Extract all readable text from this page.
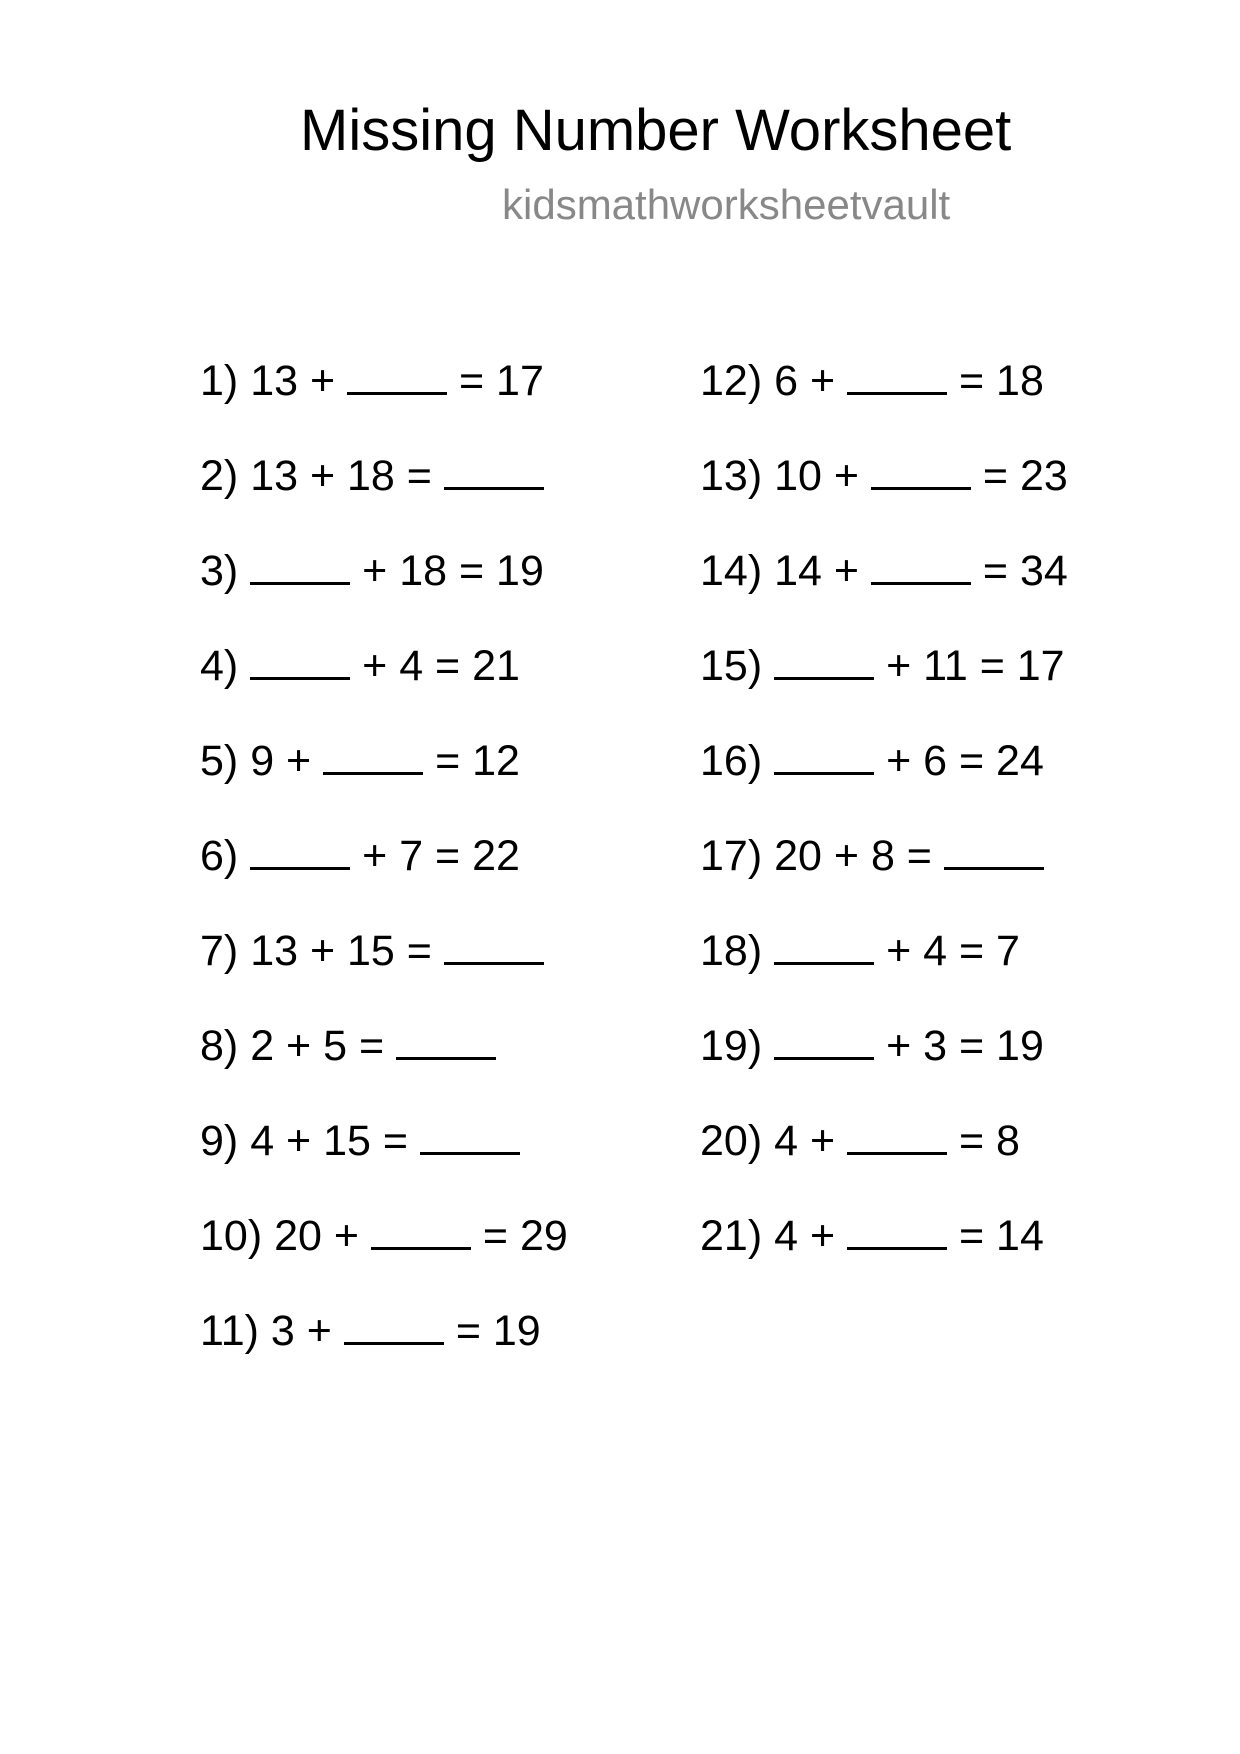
Missing Number Worksheet
kidsmathworksheetvault
1) 13 +	= 17
2) 13 + 18 =
3)	+ 18 = 19
4)	+ 4 = 21
5) 9 +	= 12
6)	+ 7 = 22
7) 13 + 15 =
8) 2 + 5 =
9) 4 + 15 =
10) 20 +	= 29
11) 3 +	= 19
12) 6 +	= 18
13) 10 +	= 23
14) 14 +	= 34
15)	+ 11 = 17
16)	+ 6 = 24
17) 20 + 8 =
18)	+ 4 = 7
19)	+ 3 = 19
20) 4 +	= 8
21) 4 +	= 14
